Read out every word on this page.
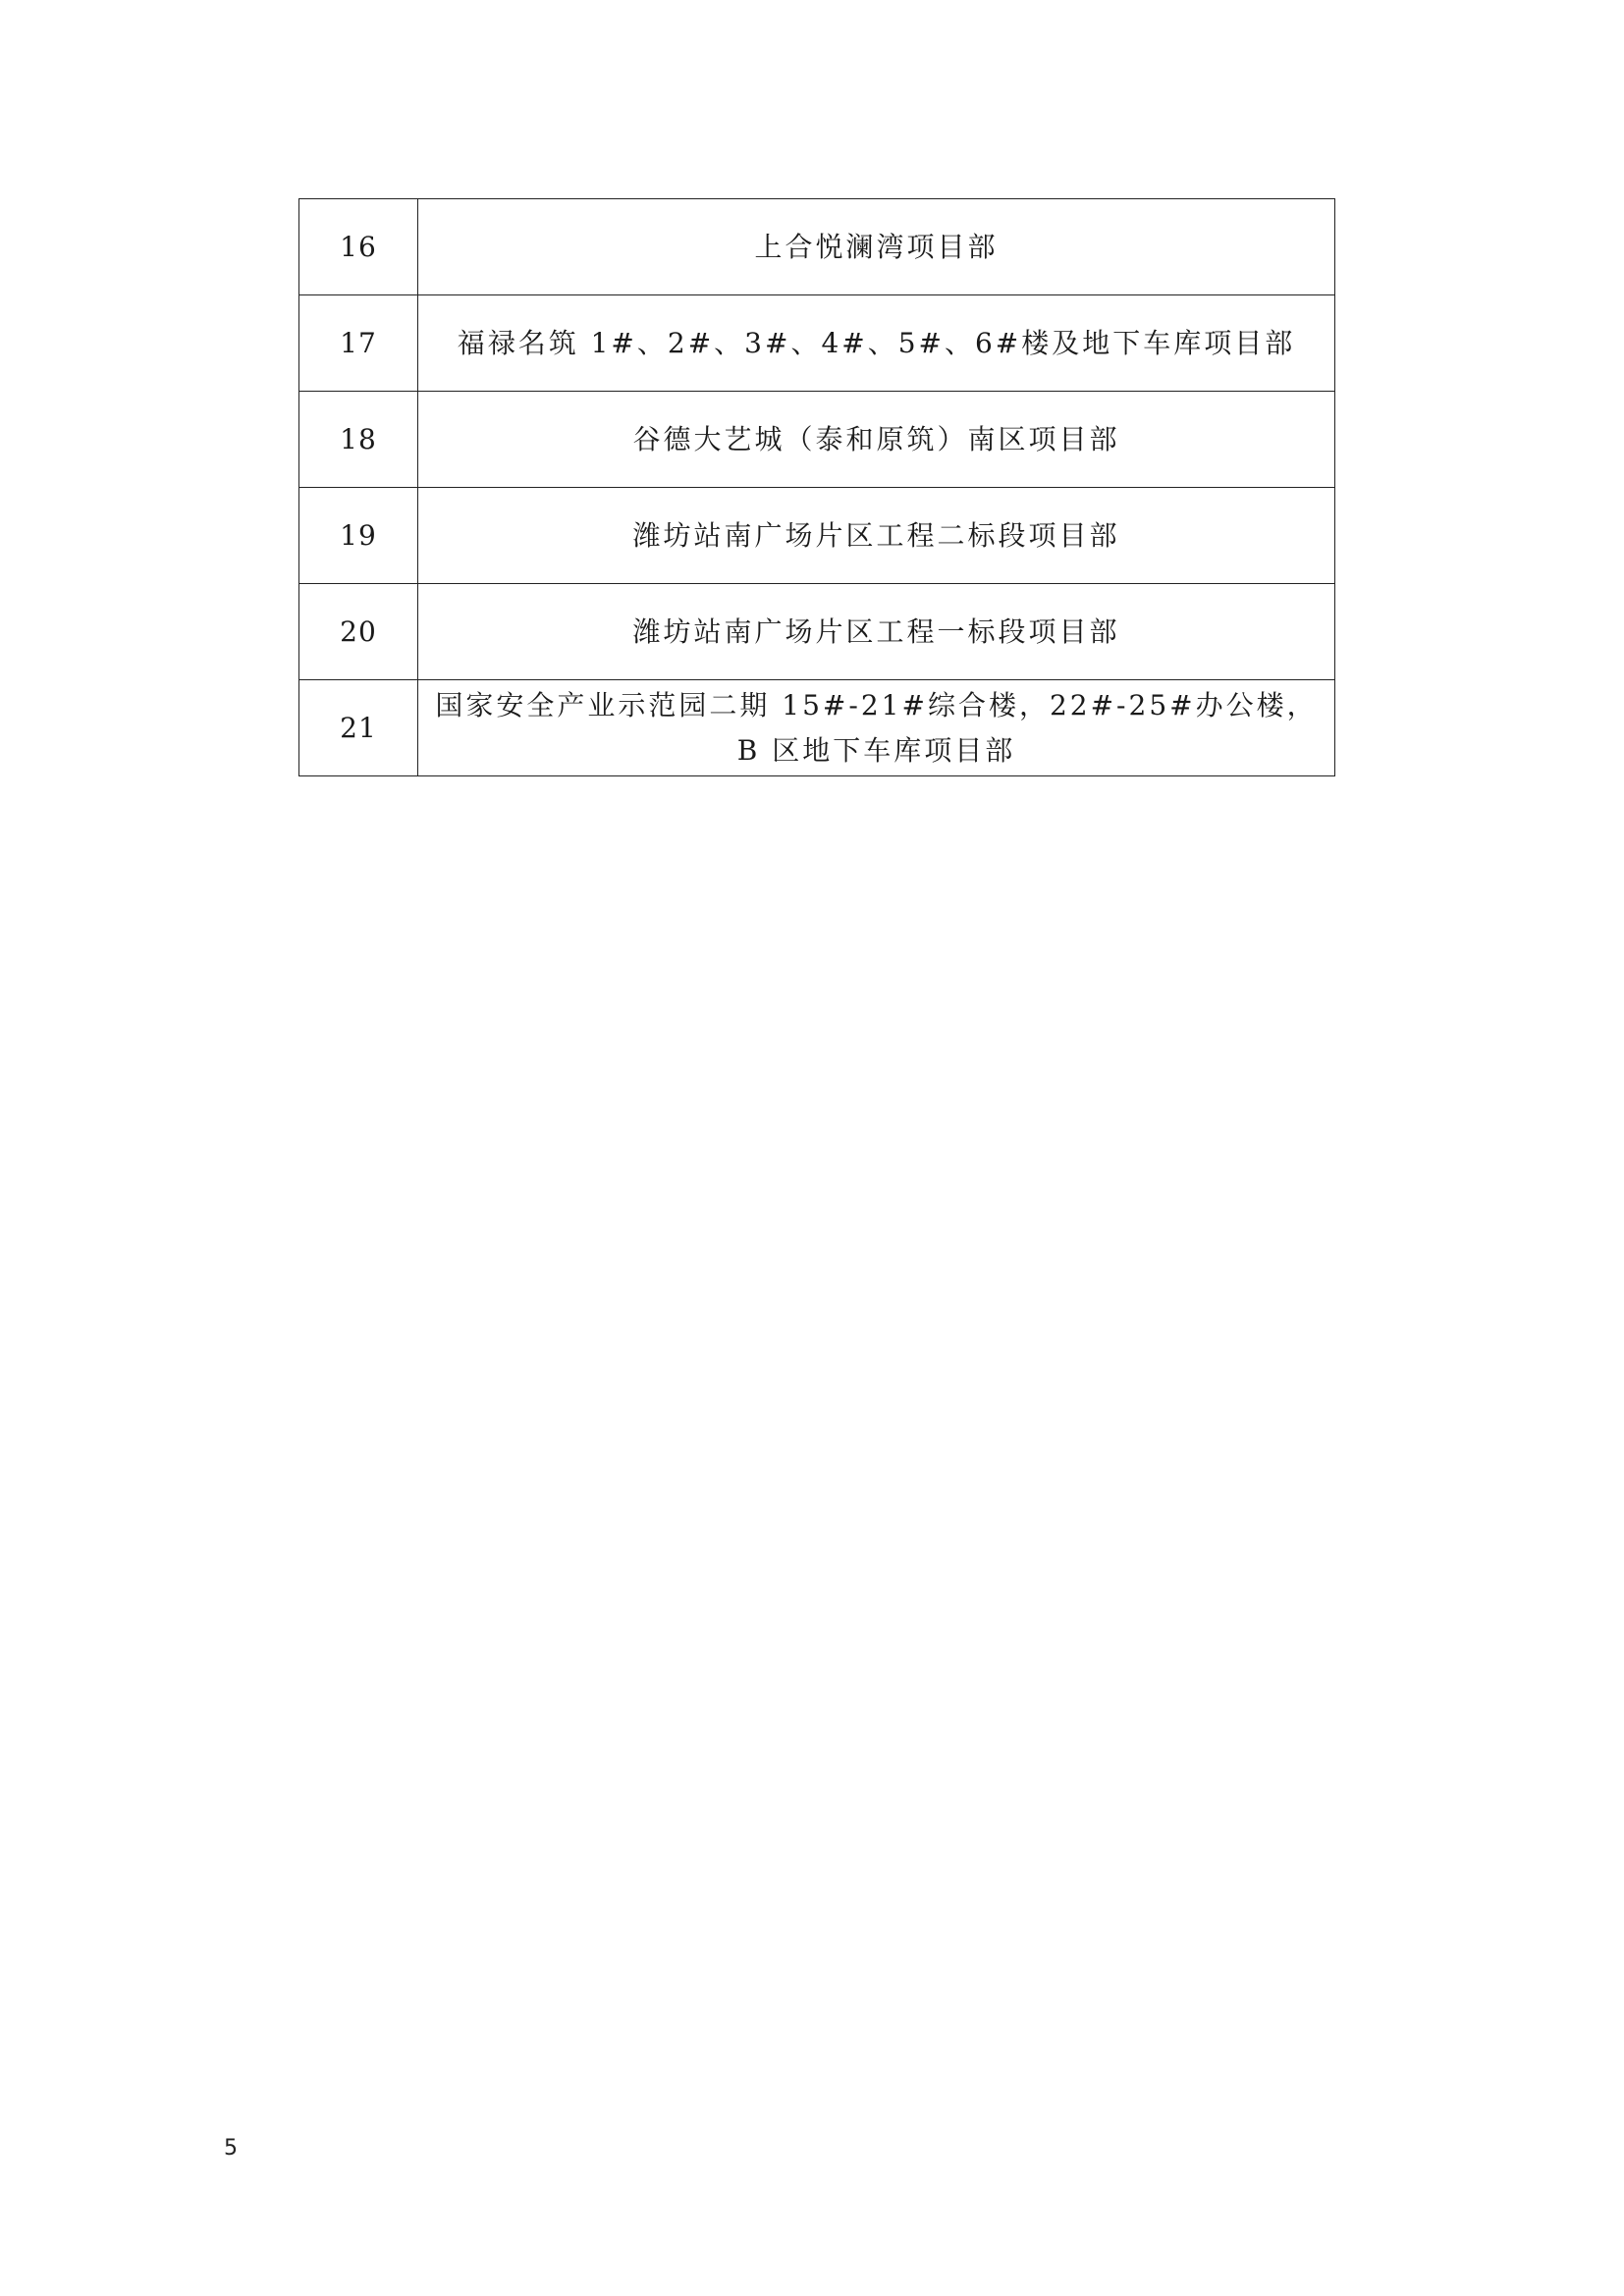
16	上合悦澜湾项目部
17	福禄名筑 1#、2#、3#、4#、5#、6#楼及地下车库项目部
18	谷德大艺城（泰和原筑）南区项目部
19	潍坊站南广场片区工程二标段项目部
20	潍坊站南广场片区工程一标段项目部
21	国家安全产业示范园二期 15#-21#综合楼，22#-25#办公楼，B 区地下车库项目部
5
